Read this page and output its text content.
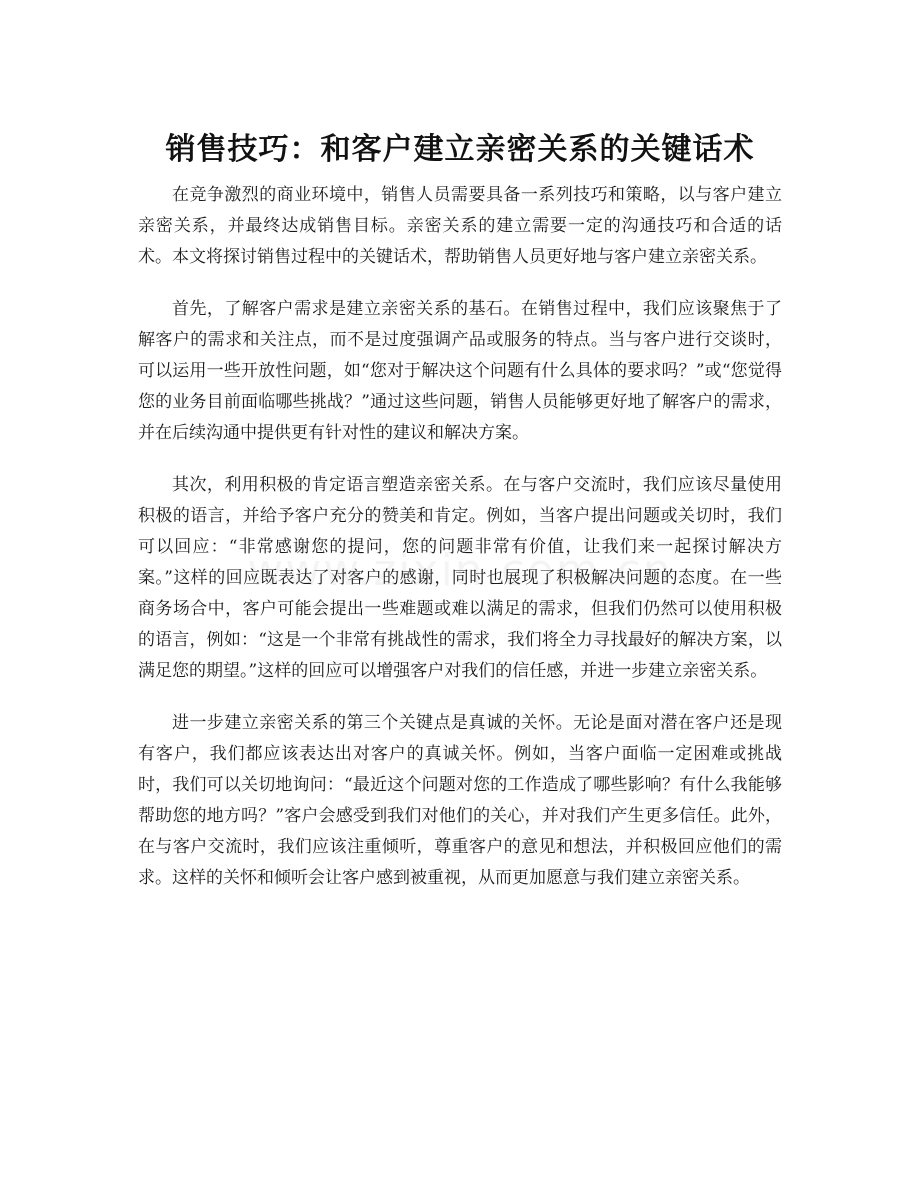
销售技巧：和客户建立亲密关系的关键话术

在竞争激烈的商业环境中，销售人员需要具备一系列技巧和策略，以与客户建立亲密关系，并最终达成销售目标。亲密关系的建立需要一定的沟通技巧和合适的话术。本文将探讨销售过程中的关键话术，帮助销售人员更好地与客户建立亲密关系。

首先，了解客户需求是建立亲密关系的基石。在销售过程中，我们应该聚焦于了解客户的需求和关注点，而不是过度强调产品或服务的特点。当与客户进行交谈时，可以运用一些开放性问题，如“您对于解决这个问题有什么具体的要求吗？”或“您觉得您的业务目前面临哪些挑战？”通过这些问题，销售人员能够更好地了解客户的需求，并在后续沟通中提供更有针对性的建议和解决方案。

其次，利用积极的肯定语言塑造亲密关系。在与客户交流时，我们应该尽量使用积极的语言，并给予客户充分的赞美和肯定。例如，当客户提出问题或关切时，我们可以回应：“非常感谢您的提问，您的问题非常有价值，让我们来一起探讨解决方案。”这样的回应既表达了对客户的感谢，同时也展现了积极解决问题的态度。在一些商务场合中，客户可能会提出一些难题或难以满足的需求，但我们仍然可以使用积极的语言，例如：“这是一个非常有挑战性的需求，我们将全力寻找最好的解决方案，以满足您的期望。”这样的回应可以增强客户对我们的信任感，并进一步建立亲密关系。

进一步建立亲密关系的第三个关键点是真诚的关怀。无论是面对潜在客户还是现有客户，我们都应该表达出对客户的真诚关怀。例如，当客户面临一定困难或挑战时，我们可以关切地询问：“最近这个问题对您的工作造成了哪些影响？有什么我能够帮助您的地方吗？”客户会感受到我们对他们的关心，并对我们产生更多信任。此外，在与客户交流时，我们应该注重倾听，尊重客户的意见和想法，并积极回应他们的需求。这样的关怀和倾听会让客户感到被重视，从而更加愿意与我们建立亲密关系。
